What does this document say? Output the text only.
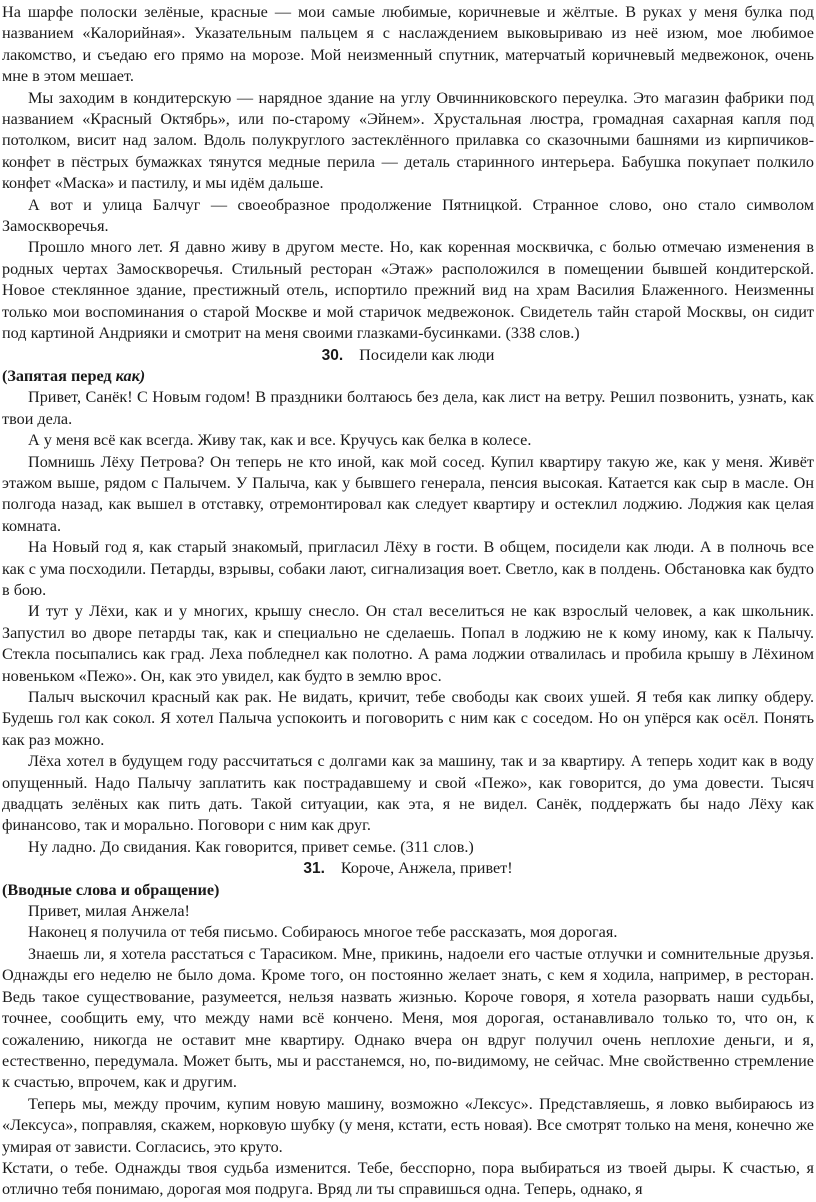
На шарфе полоски зелёные, красные — мои самые любимые, коричневые и жёлтые. В руках у меня булка под названием «Калорийная». Указательным пальцем я с наслаждением выковыриваю из неё изюм, мое любимое лакомство, и съедаю его прямо на морозе. Мой неизменный спутник, матерчатый коричневый медвежонок, очень мне в этом мешает.

Мы заходим в кондитерскую — нарядное здание на углу Овчинниковского переулка. Это магазин фабрики под названием «Красный Октябрь», или по-старому «Эйнем». Хрустальная люстра, громадная сахарная капля под потолком, висит над залом. Вдоль полукруглого застеклённого прилавка со сказочными башнями из кирпичиков-конфет в пёстрых бумажках тянутся медные перила — деталь старинного интерьера. Бабушка покупает полкило конфет «Маска» и пастилу, и мы идём дальше.

А вот и улица Балчуг — своеобразное продолжение Пятницкой. Странное слово, оно стало символом Замоскворечья.

Прошло много лет. Я давно живу в другом месте. Но, как коренная москвичка, с болью отмечаю изменения в родных чертах Замоскворечья. Стильный ресторан «Этаж» расположился в помещении бывшей кондитерской. Новое стеклянное здание, престижный отель, испортило прежний вид на храм Василия Блаженного. Неизменны только мои воспоминания о старой Москве и мой старичок медвежонок. Свидетель тайн старой Москвы, он сидит под картиной Андрияки и смотрит на меня своими глазками-бусинками. (338 слов.)

30. Посидели как люди

(Запятая перед как)

Привет, Санёк! С Новым годом! В праздники болтаюсь без дела, как лист на ветру. Решил позвонить, узнать, как твои дела.

А у меня всё как всегда. Живу так, как и все. Кручусь как белка в колесе.

Помнишь Лёху Петрова? Он теперь не кто иной, как мой сосед. Купил квартиру такую же, как у меня. Живёт этажом выше, рядом с Палычем. У Палыча, как у бывшего генерала, пенсия высокая. Катается как сыр в масле. Он полгода назад, как вышел в отставку, отремонтировал как следует квартиру и остеклил лоджию. Лоджия как целая комната.

На Новый год я, как старый знакомый, пригласил Лёху в гости. В общем, посидели как люди. А в полночь все как с ума посходили. Петарды, взрывы, собаки лают, сигнализация воет. Светло, как в полдень. Обстановка как будто в бою.

И тут у Лёхи, как и у многих, крышу снесло. Он стал веселиться не как взрослый человек, а как школьник. Запустил во дворе петарды так, как и специально не сделаешь. Попал в лоджию не к кому иному, как к Палычу. Стекла посыпались как град. Леха побледнел как полотно. А рама лоджии отвалилась и пробила крышу в Лёхином новеньком «Пежо». Он, как это увидел, как будто в землю врос.

Палыч выскочил красный как рак. Не видать, кричит, тебе свободы как своих ушей. Я тебя как липку обдеру. Будешь гол как сокол. Я хотел Палыча успокоить и поговорить с ним как с соседом. Но он упёрся как осёл. Понять как раз можно.

Лёха хотел в будущем году рассчитаться с долгами как за машину, так и за квартиру. А теперь ходит как в воду опущенный. Надо Палычу заплатить как пострадавшему и свой «Пежо», как говорится, до ума довести. Тысяч двадцать зелёных как пить дать. Такой ситуации, как эта, я не видел. Санёк, поддержать бы надо Лёху как финансово, так и морально. Поговори с ним как друг.

Ну ладно. До свидания. Как говорится, привет семье. (311 слов.)

31. Короче, Анжела, привет!

(Вводные слова и обращение)

Привет, милая Анжела!

Наконец я получила от тебя письмо. Собираюсь многое тебе рассказать, моя дорогая.

Знаешь ли, я хотела расстаться с Тарасиком. Мне, прикинь, надоели его частые отлучки и сомнительные друзья. Однажды его неделю не было дома. Кроме того, он постоянно желает знать, с кем я ходила, например, в ресторан. Ведь такое существование, разумеется, нельзя назвать жизнью. Короче говоря, я хотела разорвать наши судьбы, точнее, сообщить ему, что между нами всё кончено. Меня, моя дорогая, останавливало только то, что он, к сожалению, никогда не оставит мне квартиру. Однако вчера он вдруг получил очень неплохие деньги, и я, естественно, передумала. Может быть, мы и расстанемся, но, по-видимому, не сейчас. Мне свойственно стремление к счастью, впрочем, как и другим.

Теперь мы, между прочим, купим новую машину, возможно «Лексус». Представляешь, я ловко выбираюсь из «Лексуса», поправляя, скажем, норковую шубку (у меня, кстати, есть новая). Все смотрят только на меня, конечно же умирая от зависти. Согласись, это круто.

Кстати, о тебе. Однажды твоя судьба изменится. Тебе, бесспорно, пора выбираться из твоей дыры. К счастью, я отлично тебя понимаю, дорогая моя подруга. Вряд ли ты справишься одна. Теперь, однако, я
